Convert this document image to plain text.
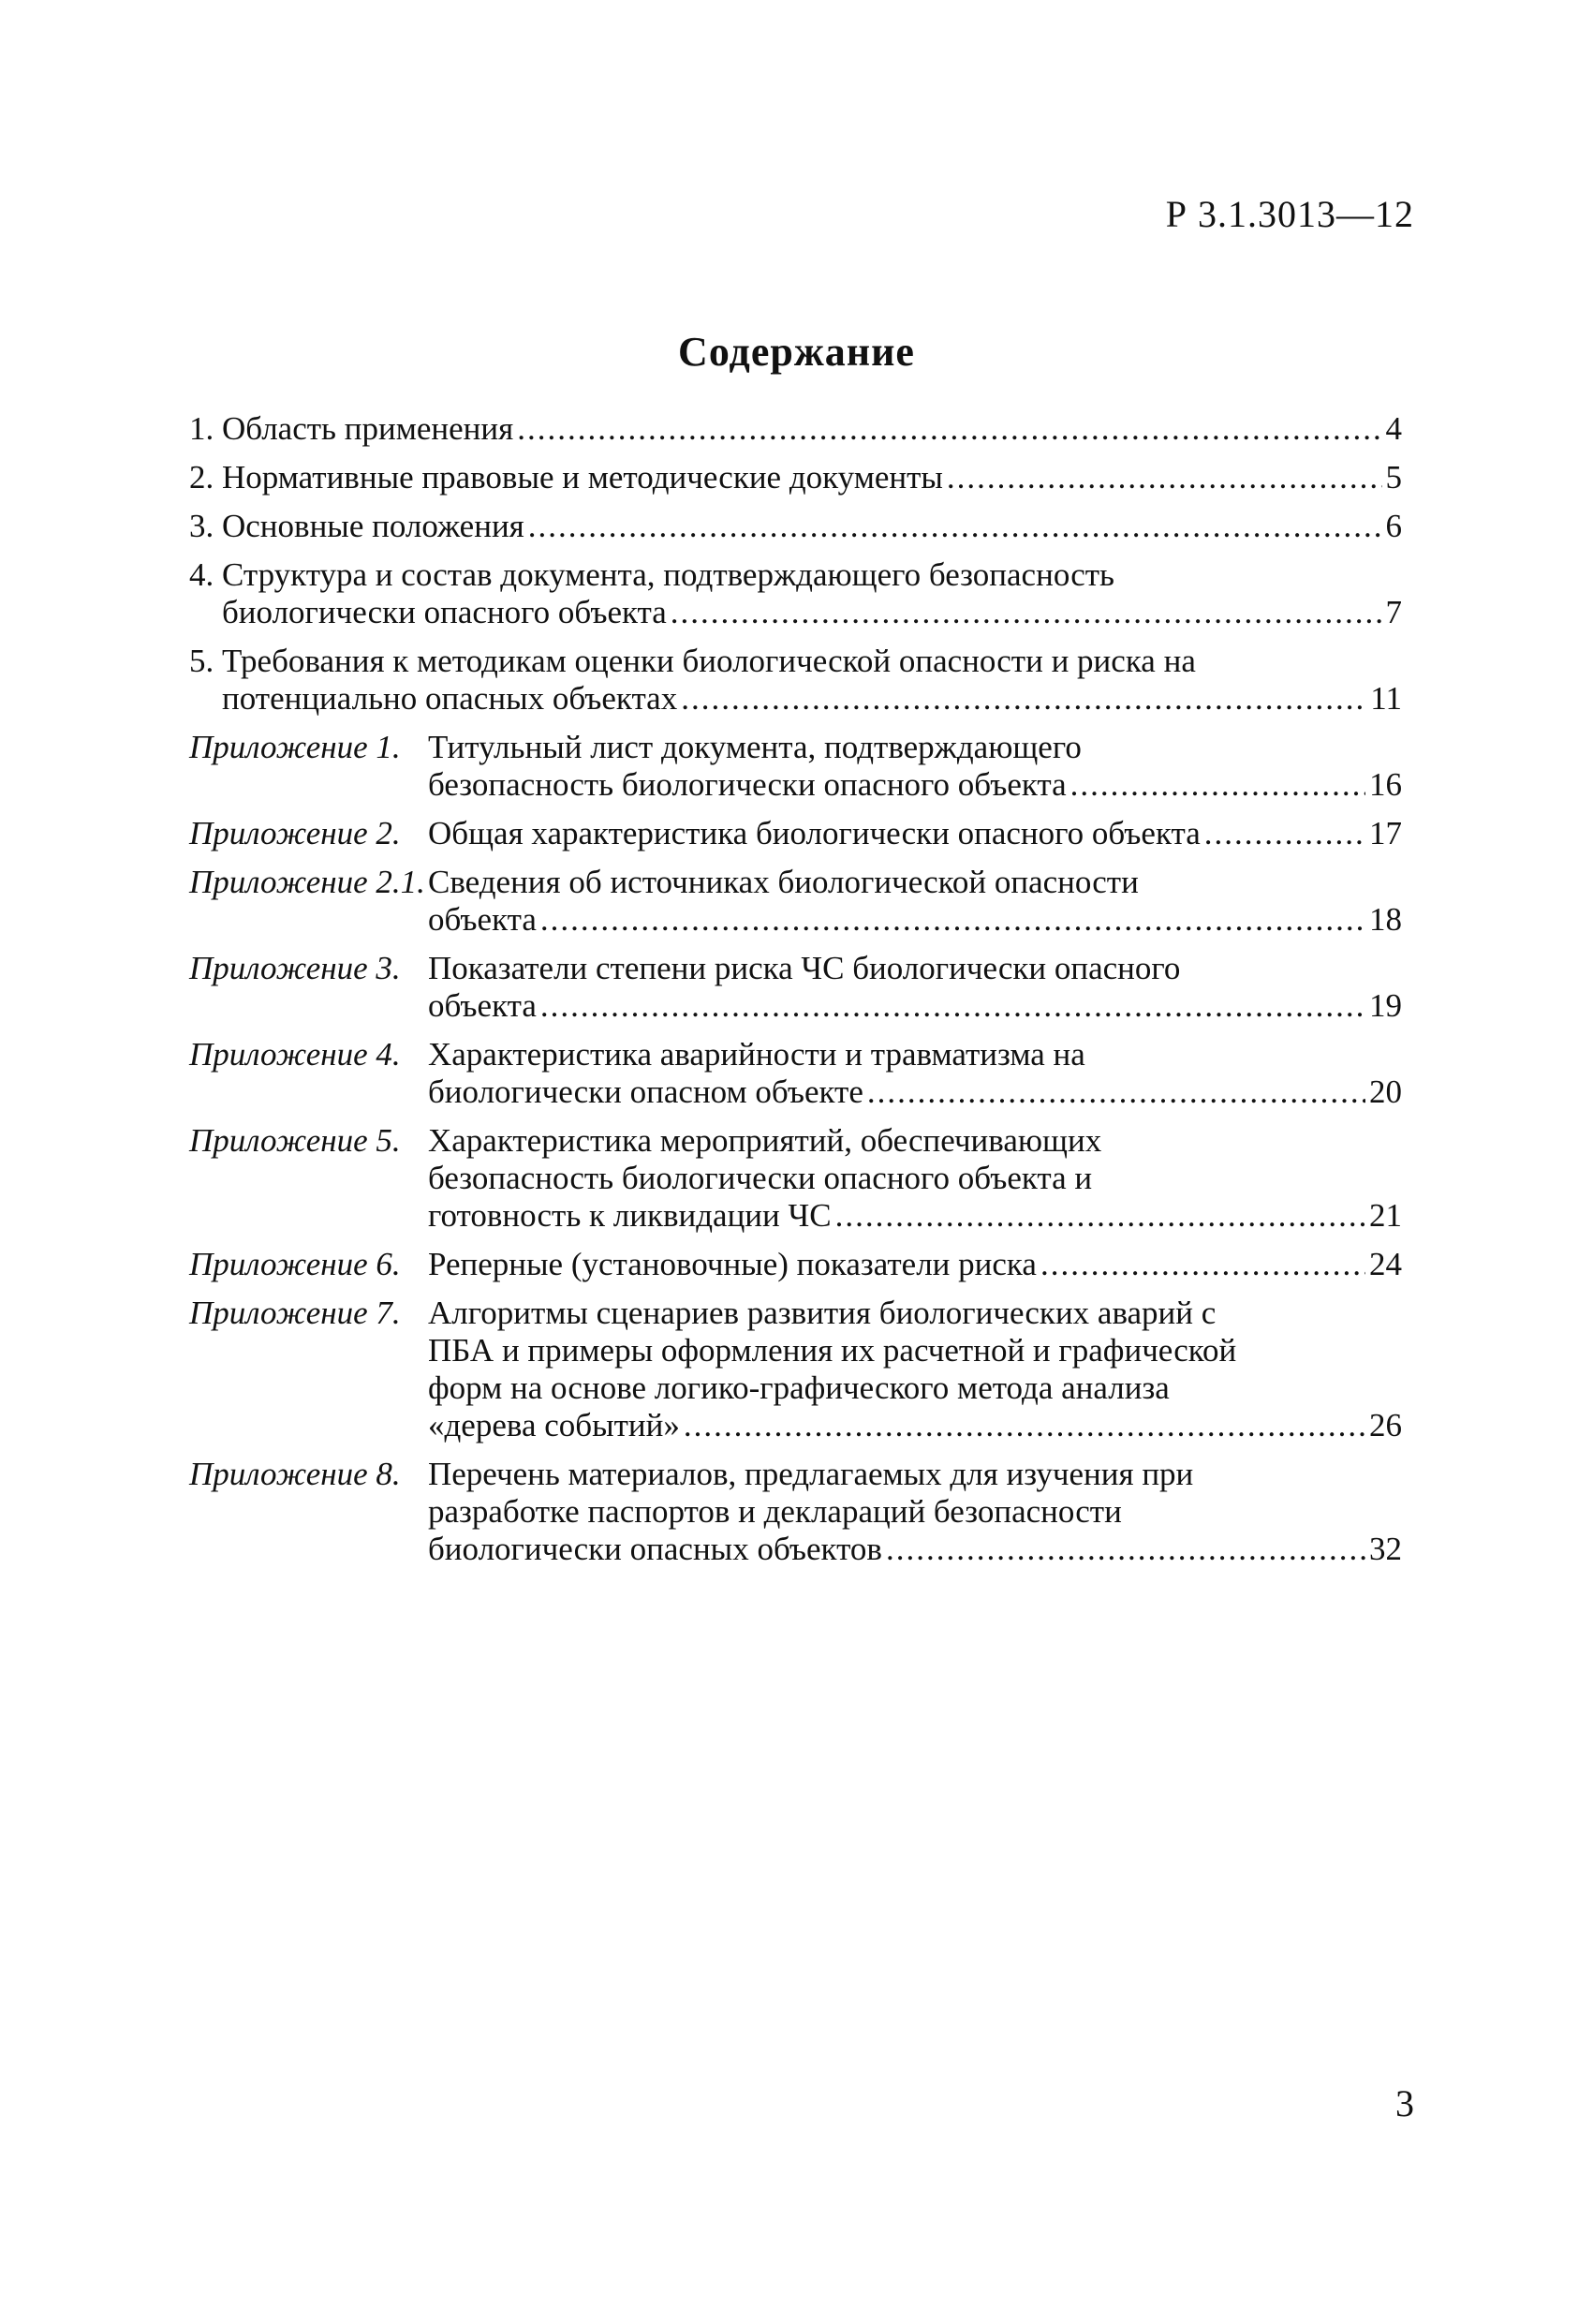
Р 3.1.3013—12
Содержание
1. Область применения .....	4
2. Нормативные правовые и методические документы .....	5
3. Основные положения .....	6
4. Структура и состав документа, подтверждающего безопасность
биологически опасного объекта .....	7
5. Требования к методикам оценки биологической опасности и риска на
потенциально опасных объектах .....	11
Приложение 1. Титульный лист документа, подтверждающего
безопасность биологически опасного объекта .....	16
Приложение 2. Общая характеристика биологически опасного объекта .....	17
Приложение 2.1. Сведения об источниках биологической опасности
объекта .....	18
Приложение 3. Показатели степени риска ЧС биологически опасного
объекта .....	19
Приложение 4. Характеристика аварийности и травматизма на
биологически опасном объекте .....	20
Приложение 5. Характеристика мероприятий, обеспечивающих
безопасность биологически опасного объекта и
готовность к ликвидации ЧС .....	21
Приложение 6. Реперные (установочные) показатели риска .....	24
Приложение 7. Алгоритмы сценариев развития биологических аварий с
ПБА и примеры оформления их расчетной и графической
форм на основе логико-графического метода анализа
«дерева событий» .....	26
Приложение 8. Перечень материалов, предлагаемых для изучения при
разработке паспортов и деклараций безопасности
биологически опасных объектов .....	32
3
